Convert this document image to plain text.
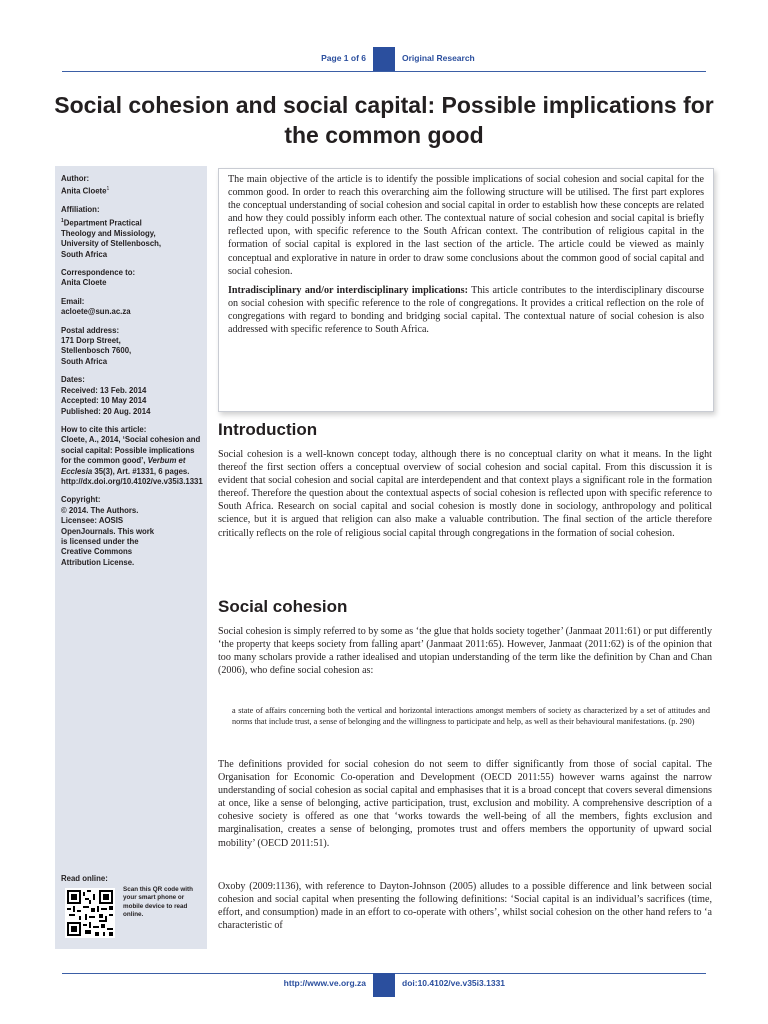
Page 1 of 6	Original Research
Social cohesion and social capital: Possible implications for the common good
Author:
Anita Cloete$^1$
Affiliation:
$^1$Department Practical
Theology and Missiology,
University of Stellenbosch,
South Africa
Correspondence to:
Anita Cloete
Email:
acloete@sun.ac.za
Postal address:
171 Dorp Street,
Stellenbosch 7600,
South Africa
Dates:
Received: 13 Feb. 2014
Accepted: 10 May 2014
Published: 20 Aug. 2014
How to cite this article:
Cloete, A., 2014, ‘Social cohesion and social capital: Possible implications for the common good’, Verbum et Ecclesia 35(3), Art. #1331, 6 pages. http://dx.doi.org/10.4102/ve.v35i3.1331
Copyright:
© 2014. The Authors.
Licensee: AOSIS
OpenJournals. This work
is licensed under the
Creative Commons
Attribution License.
Read online:
Scan this QR code with your smart phone or mobile device to read online.

The main objective of the article is to identify the possible implications of social cohesion and social capital for the common good. In order to reach this overarching aim the following structure will be utilised. The first part explores the conceptual understanding of social cohesion and social capital in order to establish how these concepts are related and how they could possibly inform each other. The contextual nature of social cohesion and social capital is briefly reflected upon, with specific reference to the South African context. The contribution of religious capital in the formation of social capital is explored in the last section of the article. The article could be viewed as mainly conceptual and explorative in nature in order to draw some conclusions about the common good of social capital and social cohesion.

Intradisciplinary and/or interdisciplinary implications: This article contributes to the interdisciplinary discourse on social cohesion with specific reference to the role of congregations. It provides a critical reflection on the role of congregations with regard to bonding and bridging social capital. The contextual nature of social cohesion is also addressed with specific reference to South Africa.

Introduction

Social cohesion is a well-known concept today, although there is no conceptual clarity on what it means. In the light thereof the first section offers a conceptual overview of social cohesion and social capital. From this discussion it is evident that social cohesion and social capital are interdependent and that context plays a significant role in the formation thereof. Therefore the question about the contextual aspects of social cohesion is reflected upon with specific reference to South Africa. Research on social capital and social cohesion is mostly done in sociology, anthropology and political science, but it is argued that religion can also make a valuable contribution. The final section of the article therefore critically reflects on the role of religious social capital through congregations in the formation of social cohesion.

Social cohesion

Social cohesion is simply referred to by some as ‘the glue that holds society together’ (Janmaat 2011:61) or put differently ‘the property that keeps society from falling apart’ (Janmaat 2011:65). However, Janmaat (2011:62) is of the opinion that too many scholars provide a rather idealised and utopian understanding of the term like the definition by Chan and Chan (2006), who define social cohesion as:

a state of affairs concerning both the vertical and horizontal interactions amongst members of society as characterized by a set of attitudes and norms that include trust, a sense of belonging and the willingness to participate and help, as well as their behavioural manifestations. (p. 290)

The definitions provided for social cohesion do not seem to differ significantly from those of social capital. The Organisation for Economic Co-operation and Development (OECD 2011:55) however warns against the narrow understanding of social cohesion as social capital and emphasises that it is a broad concept that covers several dimensions at once, like a sense of belonging, active participation, trust, exclusion and mobility. A comprehensive description of a cohesive society is offered as one that ‘works towards the well-being of all the members, fights exclusion and marginalisation, creates a sense of belonging, promotes trust and offers members the opportunity of upward social mobility’ (OECD 2011:51).

Oxoby (2009:1136), with reference to Dayton-Johnson (2005) alludes to a possible difference and link between social cohesion and social capital when presenting the following definitions: ‘Social capital is an individual’s sacrifices (time, effort, and consumption) made in an effort to co-operate with others’, whilst social cohesion on the other hand refers to ‘a characteristic of

http://www.ve.org.za	doi:10.4102/ve.v35i3.1331
